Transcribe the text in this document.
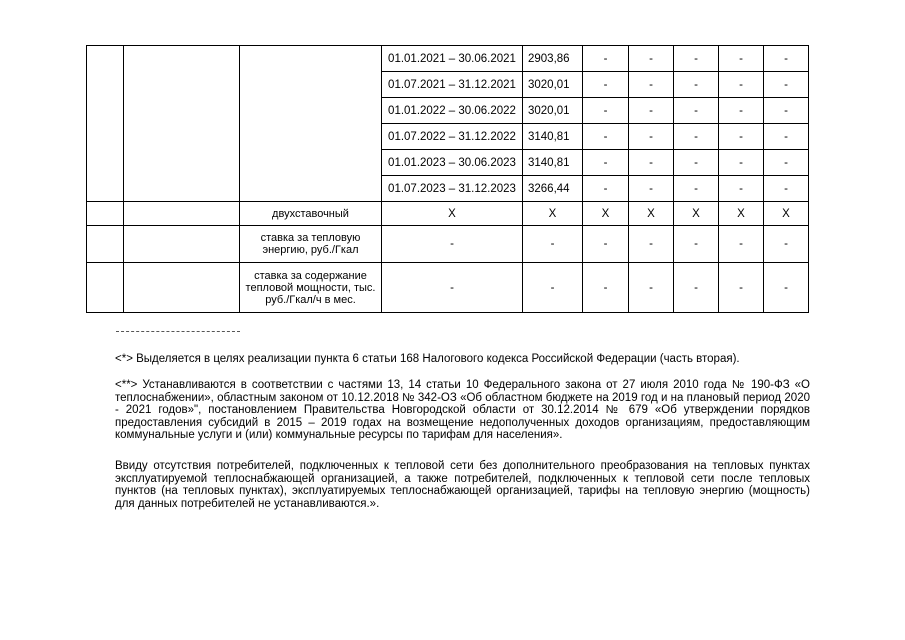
			01.01.2021 – 30.06.2021	2903,86	-	-	-	-	-
			01.07.2021 – 31.12.2021	3020,01	-	-	-	-	-
			01.01.2022 – 30.06.2022	3020,01	-	-	-	-	-
			01.07.2022 – 31.12.2022	3140,81	-	-	-	-	-
			01.01.2023 – 30.06.2023	3140,81	-	-	-	-	-
			01.07.2023 – 31.12.2023	3266,44	-	-	-	-	-
		двухставочный	X	X	X	X	X	X	X
		ставка за тепловую энергию, руб./Гкал	-	-	-	-	-	-	-
		ставка за содержание тепловой мощности, тыс. руб./Гкал/ч в мес.	-	-	-	-	-	-	-

<*> Выделяется в целях реализации пункта 6 статьи 168 Налогового кодекса Российской Федерации (часть вторая).

<**> Устанавливаются в соответствии с частями 13, 14 статьи 10 Федерального закона от 27 июля 2010 года № 190-ФЗ «О теплоснабжении», областным законом от 10.12.2018 № 342-ОЗ «Об областном бюджете на 2019 год и на плановый период 2020 - 2021 годов»", постановлением Правительства Новгородской области от 30.12.2014 № 679 «Об утверждении порядков предоставления субсидий в 2015 – 2019 годах на возмещение недополученных доходов организациям, предоставляющим коммунальные услуги и (или) коммунальные ресурсы по тарифам для населения».

Ввиду отсутствия потребителей, подключенных к тепловой сети без дополнительного преобразования на тепловых пунктах эксплуатируемой теплоснабжающей организацией, а также потребителей, подключенных к тепловой сети после тепловых пунктов (на тепловых пунктах), эксплуатируемых теплоснабжающей организацией, тарифы на тепловую энергию (мощность) для данных потребителей не устанавливаются.».
